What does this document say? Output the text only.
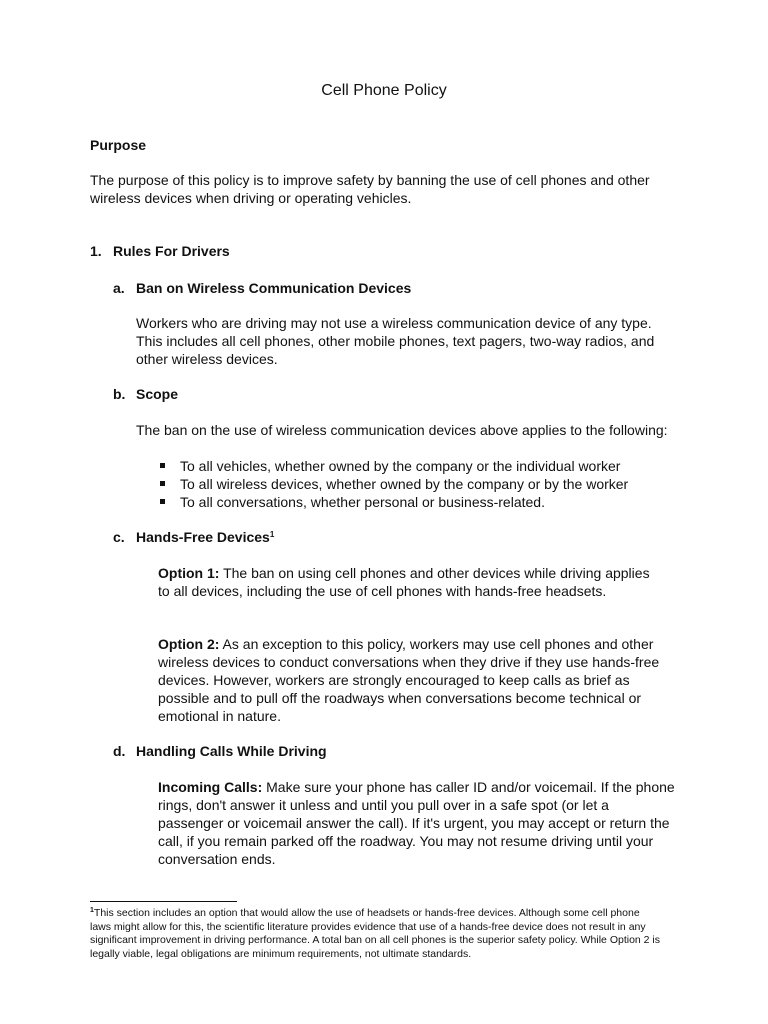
Cell Phone Policy
Purpose

The purpose of this policy is to improve safety by banning the use of cell phones and other wireless devices when driving or operating vehicles.

1. Rules For Drivers
a. Ban on Wireless Communication Devices

Workers who are driving may not use a wireless communication device of any type. This includes all cell phones, other mobile phones, text pagers, two-way radios, and other wireless devices.

b. Scope

The ban on the use of wireless communication devices above applies to the following:

To all vehicles, whether owned by the company or the individual worker
To all wireless devices, whether owned by the company or by the worker
To all conversations, whether personal or business-related.
c. Hands-Free Devices$^1$

Option 1: The ban on using cell phones and other devices while driving applies to all devices, including the use of cell phones with hands-free headsets.

Option 2: As an exception to this policy, workers may use cell phones and other wireless devices to conduct conversations when they drive if they use hands-free devices. However, workers are strongly encouraged to keep calls as brief as possible and to pull off the roadways when conversations become technical or emotional in nature.

d. Handling Calls While Driving

Incoming Calls: Make sure your phone has caller ID and/or voicemail. If the phone rings, don't answer it unless and until you pull over in a safe spot (or let a passenger or voicemail answer the call). If it's urgent, you may accept or return the call, if you remain parked off the roadway. You may not resume driving until your conversation ends.

$^1$This section includes an option that would allow the use of headsets or hands-free devices. Although some cell phone laws might allow for this, the scientific literature provides evidence that use of a hands-free device does not result in any significant improvement in driving performance. A total ban on all cell phones is the superior safety policy. While Option 2 is legally viable, legal obligations are minimum requirements, not ultimate standards.
